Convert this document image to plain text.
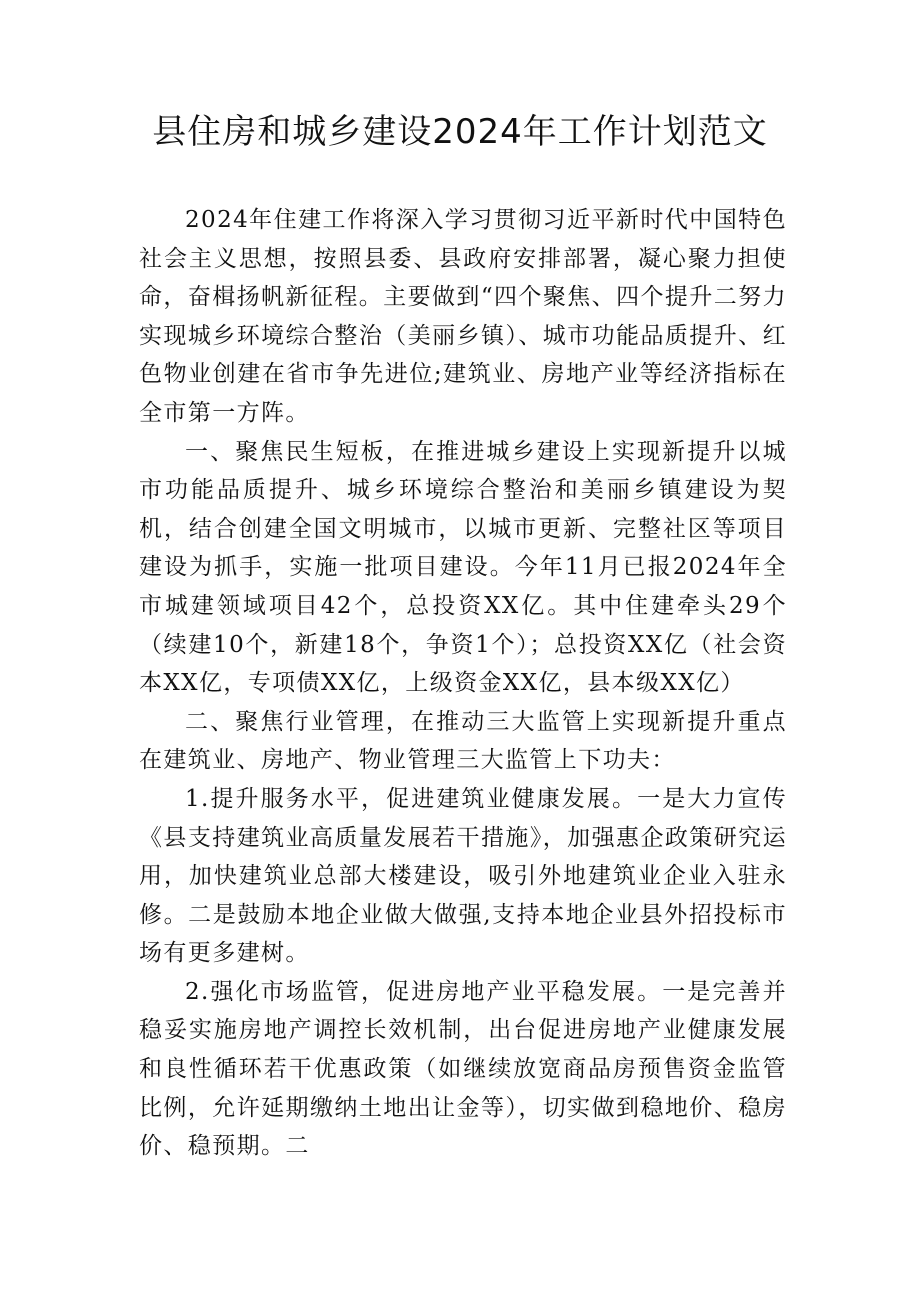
县住房和城乡建设2024年工作计划范文

2024年住建工作将深入学习贯彻习近平新时代中国特色社会主义思想，按照县委、县政府安排部署，凝心聚力担使命，奋楫扬帆新征程。主要做到“四个聚焦、四个提升二努力实现城乡环境综合整治（美丽乡镇）、城市功能品质提升、红色物业创建在省市争先进位;建筑业、房地产业等经济指标在全市第一方阵。

一、聚焦民生短板，在推进城乡建设上实现新提升以城市功能品质提升、城乡环境综合整治和美丽乡镇建设为契机，结合创建全国文明城市，以城市更新、完整社区等项目建设为抓手，实施一批项目建设。今年11月已报2024年全市城建领域项目42个，总投资XX亿。其中住建牵头29个（续建10个，新建18个，争资1个）；总投资XX亿（社会资本XX亿，专项债XX亿，上级资金XX亿，县本级XX亿）

二、聚焦行业管理，在推动三大监管上实现新提升重点在建筑业、房地产、物业管理三大监管上下功夫：

1.提升服务水平，促进建筑业健康发展。一是大力宣传《县支持建筑业高质量发展若干措施》，加强惠企政策研究运用，加快建筑业总部大楼建设，吸引外地建筑业企业入驻永修。二是鼓励本地企业做大做强,支持本地企业县外招投标市场有更多建树。

2.强化市场监管，促进房地产业平稳发展。一是完善并稳妥实施房地产调控长效机制，出台促进房地产业健康发展和良性循环若干优惠政策（如继续放宽商品房预售资金监管比例，允许延期缴纳土地出让金等），切实做到稳地价、稳房价、稳预期。二
